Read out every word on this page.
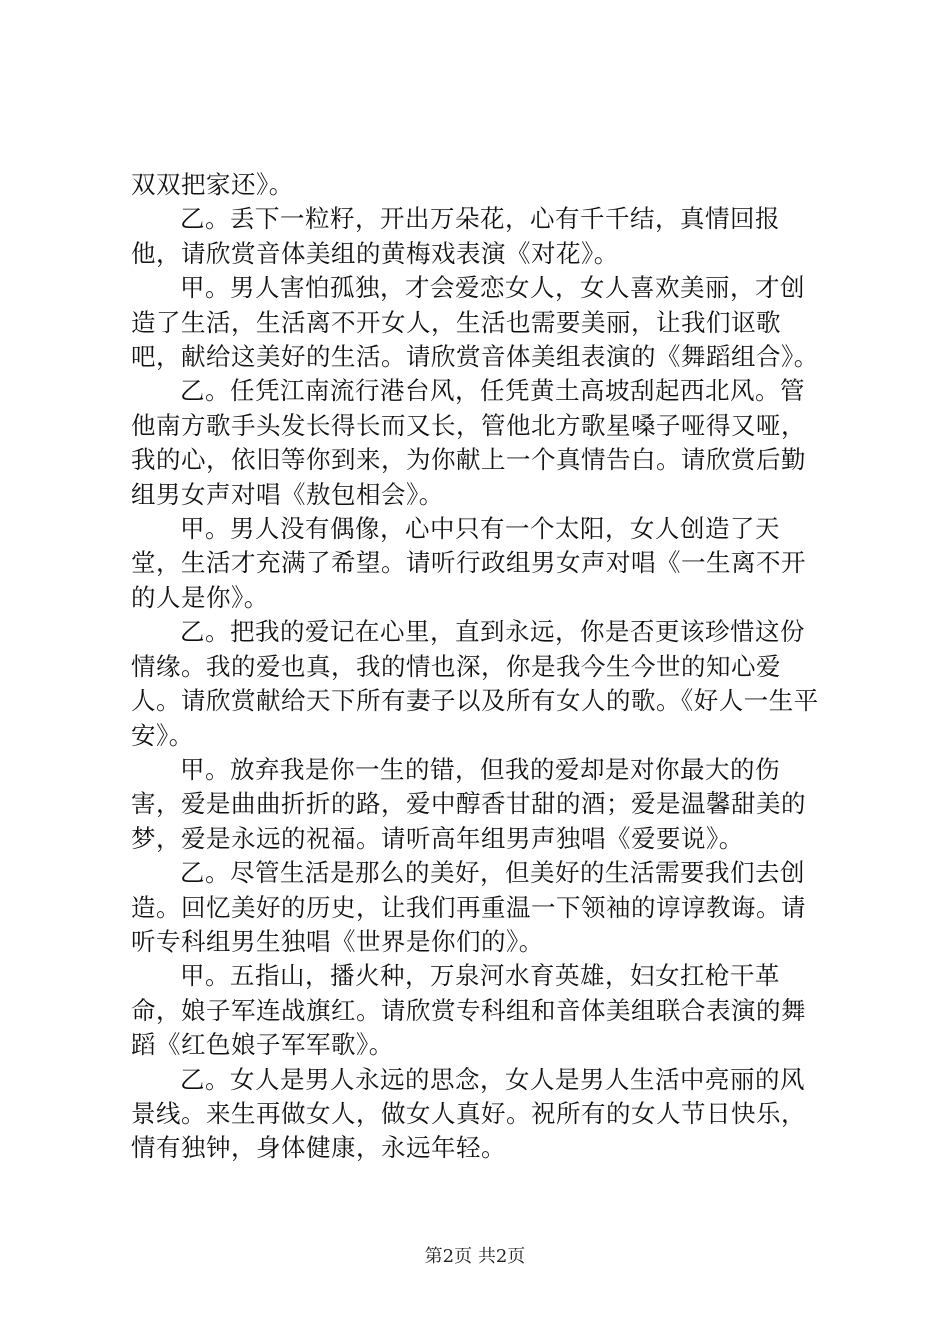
双双把家还》。

乙。丢下一粒籽，开出万朵花，心有千千结，真情回报他，请欣赏音体美组的黄梅戏表演《对花》。

甲。男人害怕孤独，才会爱恋女人，女人喜欢美丽，才创造了生活，生活离不开女人，生活也需要美丽，让我们讴歌吧，献给这美好的生活。请欣赏音体美组表演的《舞蹈组合》。

乙。任凭江南流行港台风，任凭黄土高坡刮起西北风。管他南方歌手头发长得长而又长，管他北方歌星嗓子哑得又哑，我的心，依旧等你到来，为你献上一个真情告白。请欣赏后勤组男女声对唱《敖包相会》。

甲。男人没有偶像，心中只有一个太阳，女人创造了天堂，生活才充满了希望。请听行政组男女声对唱《一生离不开的人是你》。

乙。把我的爱记在心里，直到永远，你是否更该珍惜这份情缘。我的爱也真，我的情也深，你是我今生今世的知心爱人。请欣赏献给天下所有妻子以及所有女人的歌。《好人一生平安》。

甲。放弃我是你一生的错，但我的爱却是对你最大的伤害，爱是曲曲折折的路，爱中醇香甘甜的酒；爱是温馨甜美的梦，爱是永远的祝福。请听高年组男声独唱《爱要说》。

乙。尽管生活是那么的美好，但美好的生活需要我们去创造。回忆美好的历史，让我们再重温一下领袖的谆谆教诲。请听专科组男生独唱《世界是你们的》。

甲。五指山，播火种，万泉河水育英雄，妇女扛枪干革命，娘子军连战旗红。请欣赏专科组和音体美组联合表演的舞蹈《红色娘子军军歌》。

乙。女人是男人永远的思念，女人是男人生活中亮丽的风景线。来生再做女人，做女人真好。祝所有的女人节日快乐，情有独钟，身体健康，永远年轻。

第2页 共2页
